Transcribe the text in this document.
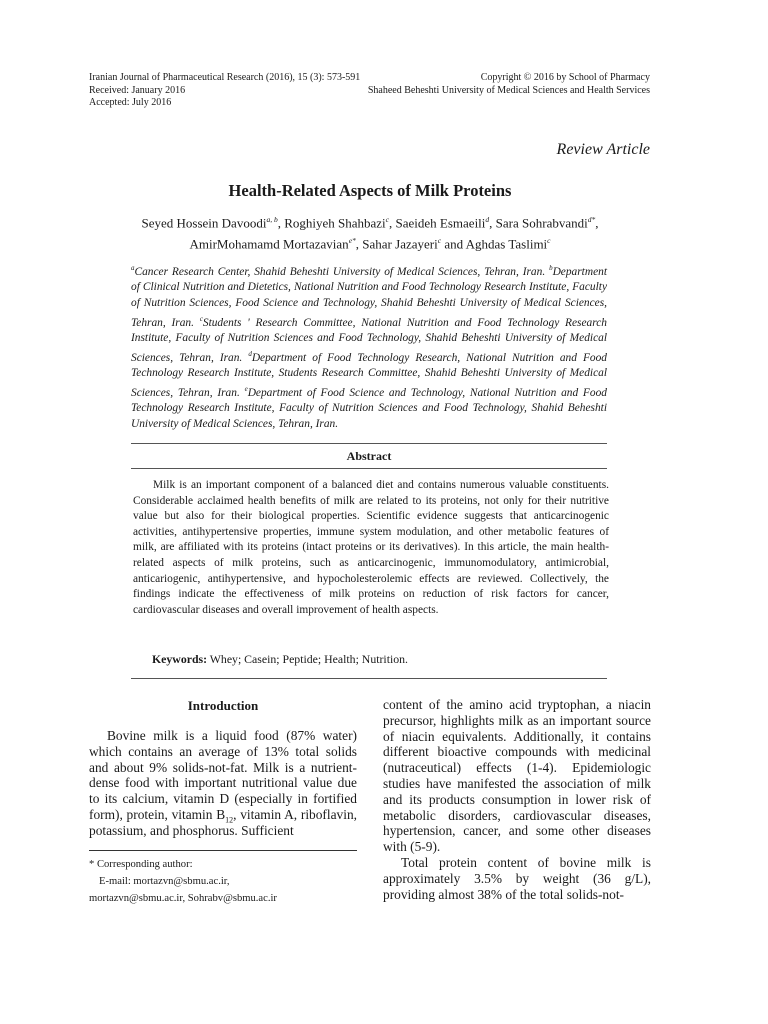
Iranian Journal of Pharmaceutical Research (2016), 15 (3): 573-591
Received: January 2016
Accepted: July 2016
Copyright © 2016 by School of Pharmacy
Shaheed Beheshti University of Medical Sciences and Health Services
Review Article
Health-Related Aspects of Milk Proteins
Seyed Hossein Davoodi$^{a, b}$, Roghiyeh Shahbazi$^c$, Saeideh Esmaeili$^d$, Sara Sohrabvandi$^{d*}$,
AmirMohamamd Mortazavian$^{e*}$, Sahar Jazayeri$^c$ and Aghdas Taslimi$^c$
$^a$Cancer Research Center, Shahid Beheshti University of Medical Sciences, Tehran, Iran. $^b$Department of Clinical Nutrition and Dietetics, National Nutrition and Food Technology Research Institute, Faculty of Nutrition Sciences, Food Science and Technology, Shahid Beheshti University of Medical Sciences, Tehran, Iran. $^c$Students ' Research Committee, National Nutrition and Food Technology Research Institute, Faculty of Nutrition Sciences and Food Technology, Shahid Beheshti University of Medical Sciences, Tehran, Iran. $^d$Department of Food Technology Research, National Nutrition and Food Technology Research Institute, Students Research Committee, Shahid Beheshti University of Medical Sciences, Tehran, Iran. $^e$Department of Food Science and Technology, National Nutrition and Food Technology Research Institute, Faculty of Nutrition Sciences and Food Technology, Shahid Beheshti University of Medical Sciences, Tehran, Iran.
Abstract
Milk is an important component of a balanced diet and contains numerous valuable constituents. Considerable acclaimed health benefits of milk are related to its proteins, not only for their nutritive value but also for their biological properties. Scientific evidence suggests that anticarcinogenic activities, antihypertensive properties, immune system modulation, and other metabolic features of milk, are affiliated with its proteins (intact proteins or its derivatives). In this article, the main health-related aspects of milk proteins, such as anticarcinogenic, immunomodulatory, antimicrobial, anticariogenic, antihypertensive, and hypocholesterolemic effects are reviewed. Collectively, the findings indicate the effectiveness of milk proteins on reduction of risk factors for cancer, cardiovascular diseases and overall improvement of health aspects.
Keywords: Whey; Casein; Peptide; Health; Nutrition.
Introduction

Bovine milk is a liquid food (87% water) which contains an average of 13% total solids and about 9% solids-not-fat. Milk is a nutrient-dense food with important nutritional value due to its calcium, vitamin D (especially in fortified form), protein, vitamin $B_{12}$, vitamin A, riboflavin, potassium, and phosphorus. Sufficient

* Corresponding author:
E-mail: mortazvn@sbmu.ac.ir,
mortazvn@sbmu.ac.ir, Sohrabv@sbmu.ac.ir

content of the amino acid tryptophan, a niacin precursor, highlights milk as an important source of niacin equivalents. Additionally, it contains different bioactive compounds with medicinal (nutraceutical) effects (1-4). Epidemiologic studies have manifested the association of milk and its products consumption in lower risk of metabolic disorders, cardiovascular diseases, hypertension, cancer, and some other diseases with (5-9).

Total protein content of bovine milk is approximately 3.5% by weight (36 g/L), providing almost 38% of the total solids-not-
